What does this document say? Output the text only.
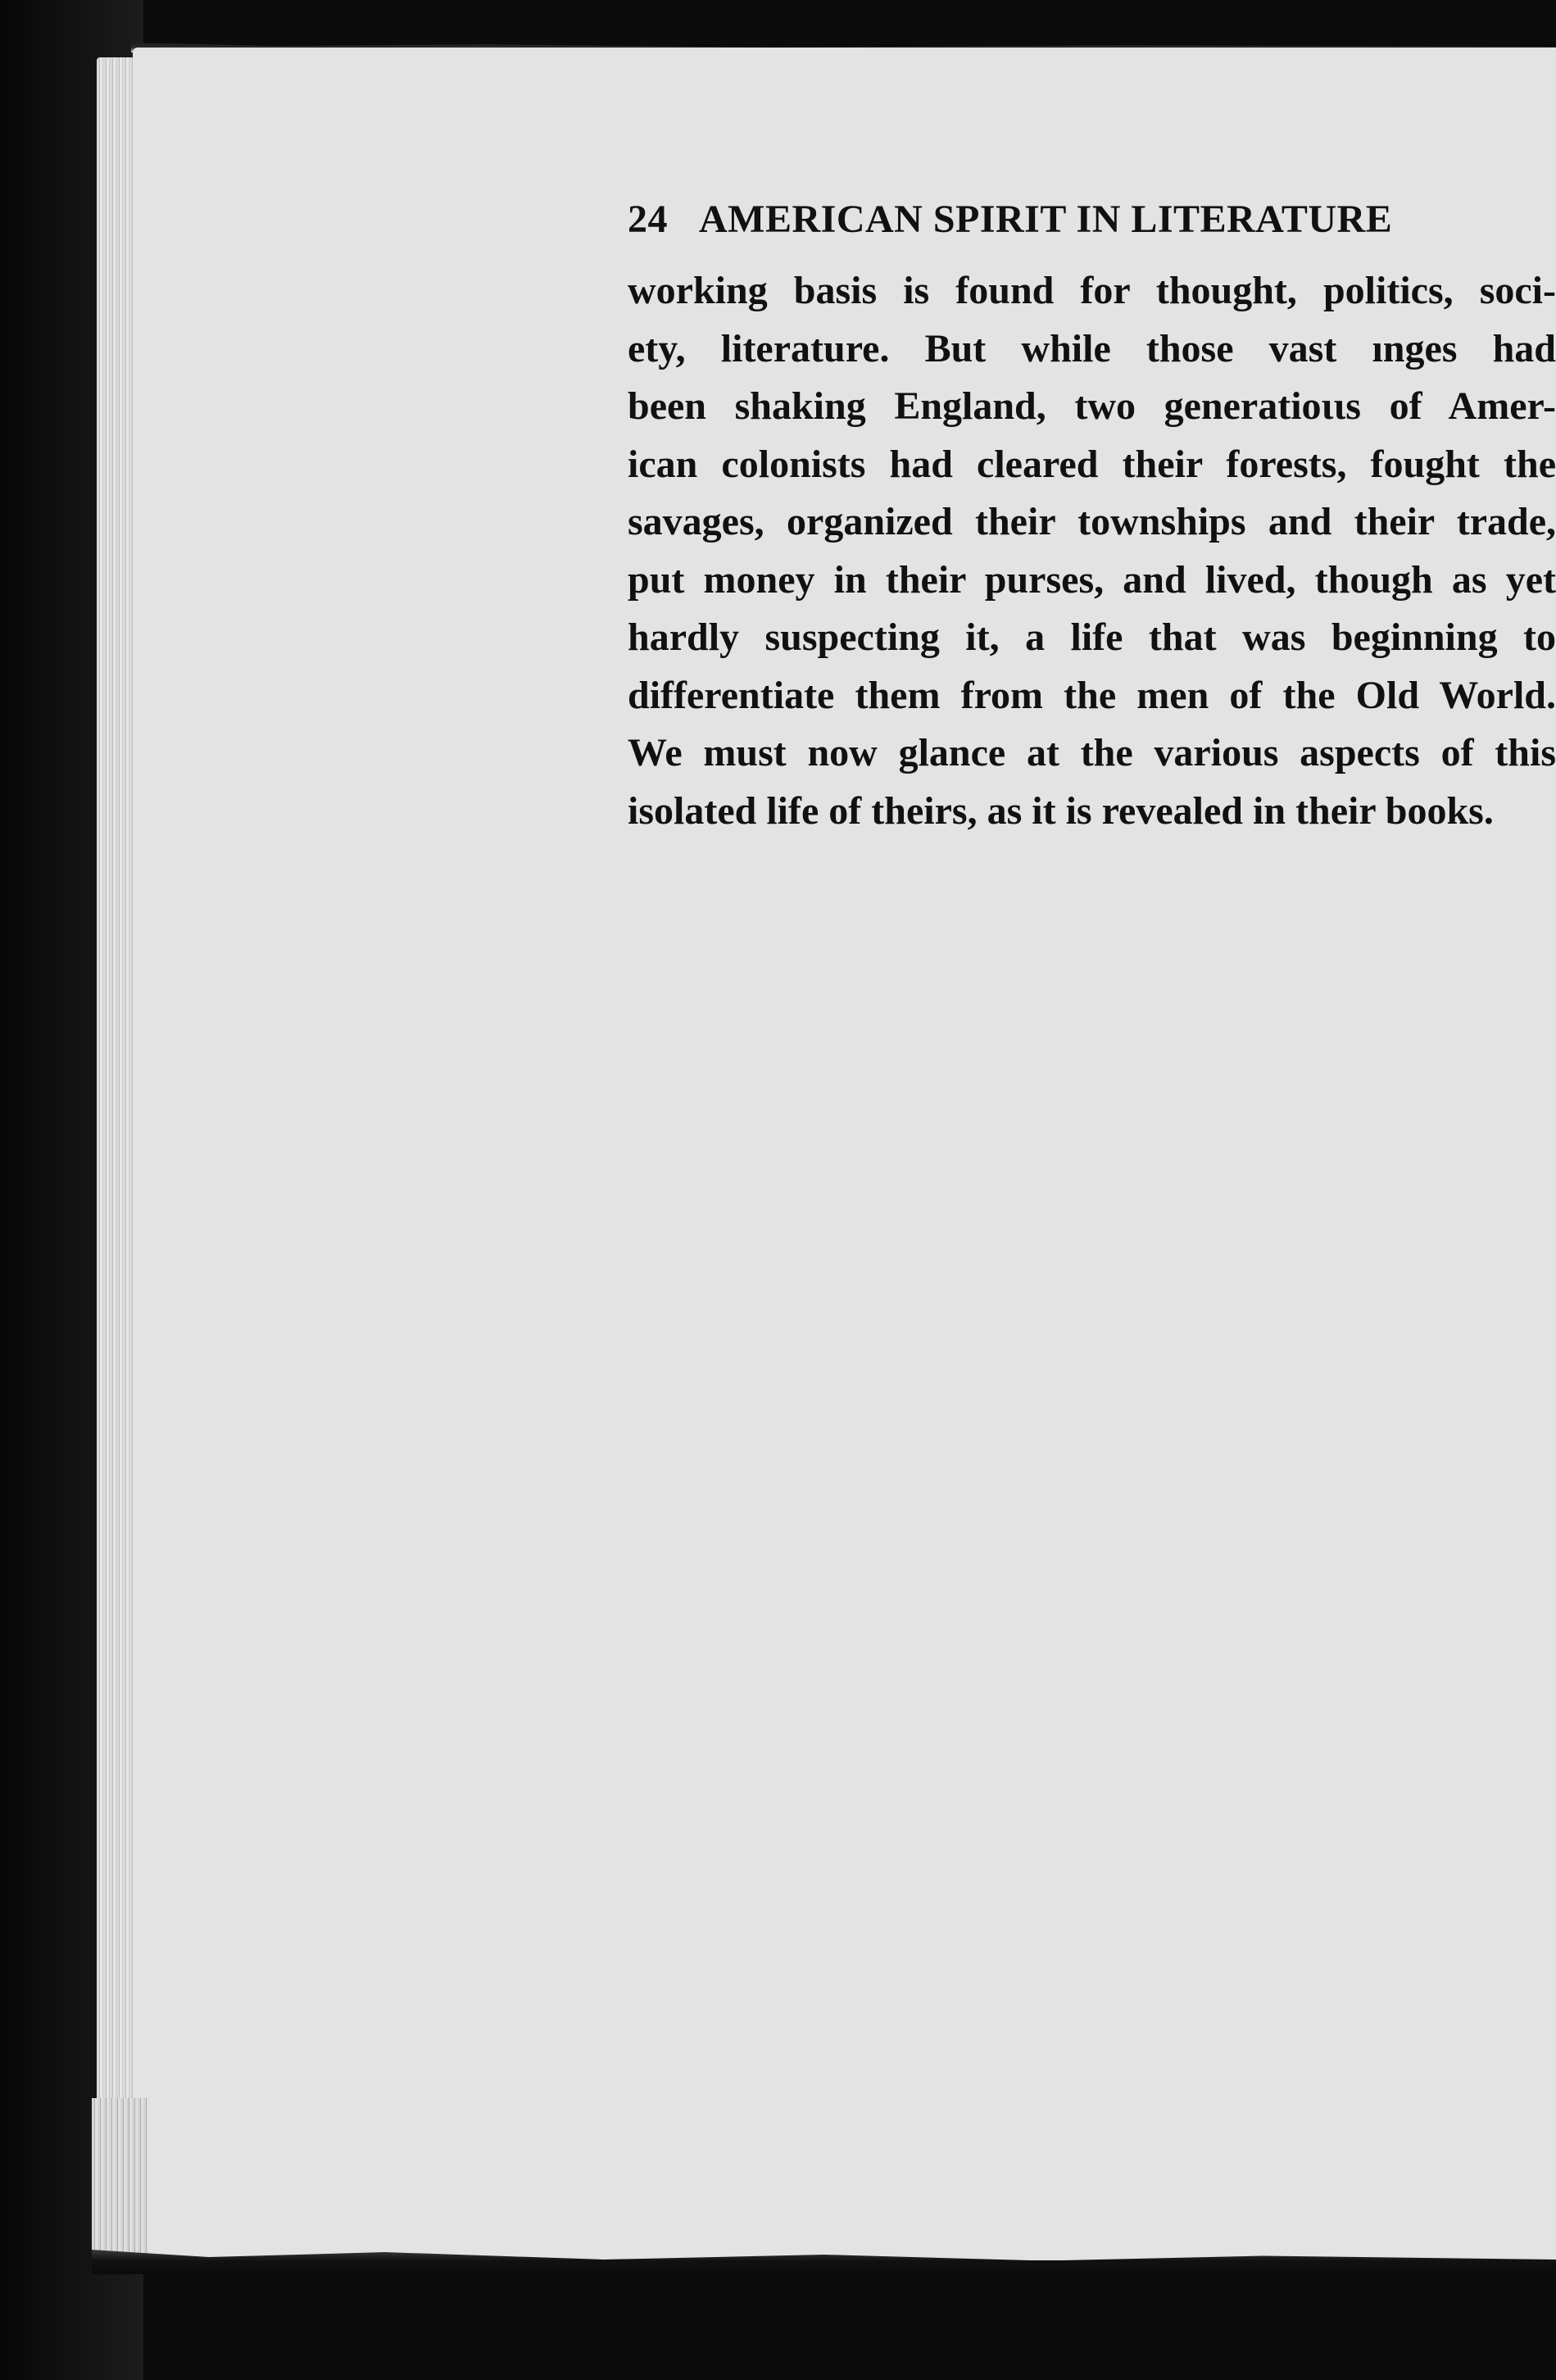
24 AMERICAN SPIRIT IN LITERATURE
working basis is found for thought, politics, soci-
ety, literature. But while those vast ınges had
been shaking England, two generatioιιs of Amer-
ican colonists had cleared their forests, fought the
savages, organized their townships and their trade,
put money in their purses, and lived, though as yet
hardly suspecting it, a life that was beginning to
differentiate them from the men of the Old World.
We must now glance at the various aspects of this
isolated life of theirs, as it is revealed in their books.
